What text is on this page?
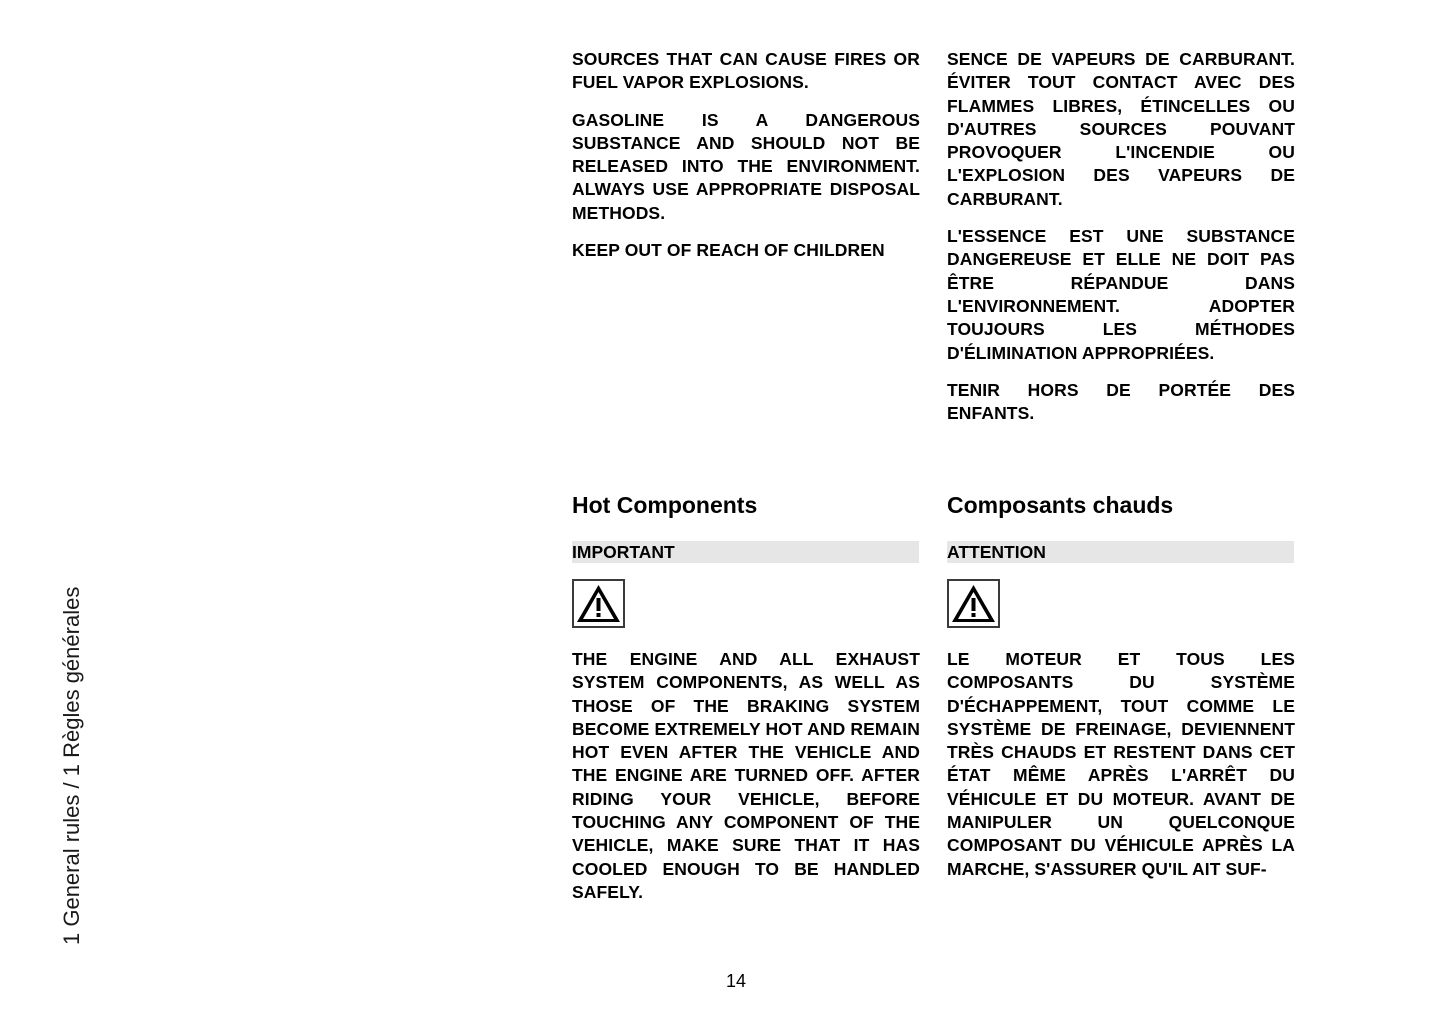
1 General rules / 1 Règles générales

SOURCES THAT CAN CAUSE FIRES OR FUEL VAPOR EXPLOSIONS.

GASOLINE IS A DANGEROUS SUBSTANCE AND SHOULD NOT BE RELEASED INTO THE ENVIRONMENT. ALWAYS USE APPROPRIATE DISPOSAL METHODS.

KEEP OUT OF REACH OF CHILDREN

SENCE DE VAPEURS DE CARBURANT. ÉVITER TOUT CONTACT AVEC DES FLAMMES LIBRES, ÉTINCELLES OU D'AUTRES SOURCES POUVANT PROVOQUER L'INCENDIE OU L'EXPLOSION DES VAPEURS DE CARBURANT.

L'ESSENCE EST UNE SUBSTANCE DANGEREUSE ET ELLE NE DOIT PAS ÊTRE RÉPANDUE DANS L'ENVIRONNEMENT. ADOPTER TOUJOURS LES MÉTHODES D'ÉLIMINATION APPROPRIÉES.

TENIR HORS DE PORTÉE DES ENFANTS.

Hot Components	Composants chauds
IMPORTANT	ATTENTION

THE ENGINE AND ALL EXHAUST SYSTEM COMPONENTS, AS WELL AS THOSE OF THE BRAKING SYSTEM BECOME EXTREMELY HOT AND REMAIN HOT EVEN AFTER THE VEHICLE AND THE ENGINE ARE TURNED OFF. AFTER RIDING YOUR VEHICLE, BEFORE TOUCHING ANY COMPONENT OF THE VEHICLE, MAKE SURE THAT IT HAS COOLED ENOUGH TO BE HANDLED SAFELY.

LE MOTEUR ET TOUS LES COMPOSANTS DU SYSTÈME D'ÉCHAPPEMENT, TOUT COMME LE SYSTÈME DE FREINAGE, DEVIENNENT TRÈS CHAUDS ET RESTENT DANS CET ÉTAT MÊME APRÈS L'ARRÊT DU VÉHICULE ET DU MOTEUR. AVANT DE MANIPULER UN QUELCONQUE COMPOSANT DU VÉHICULE APRÈS LA MARCHE, S'ASSURER QU'IL AIT SUF-

14
